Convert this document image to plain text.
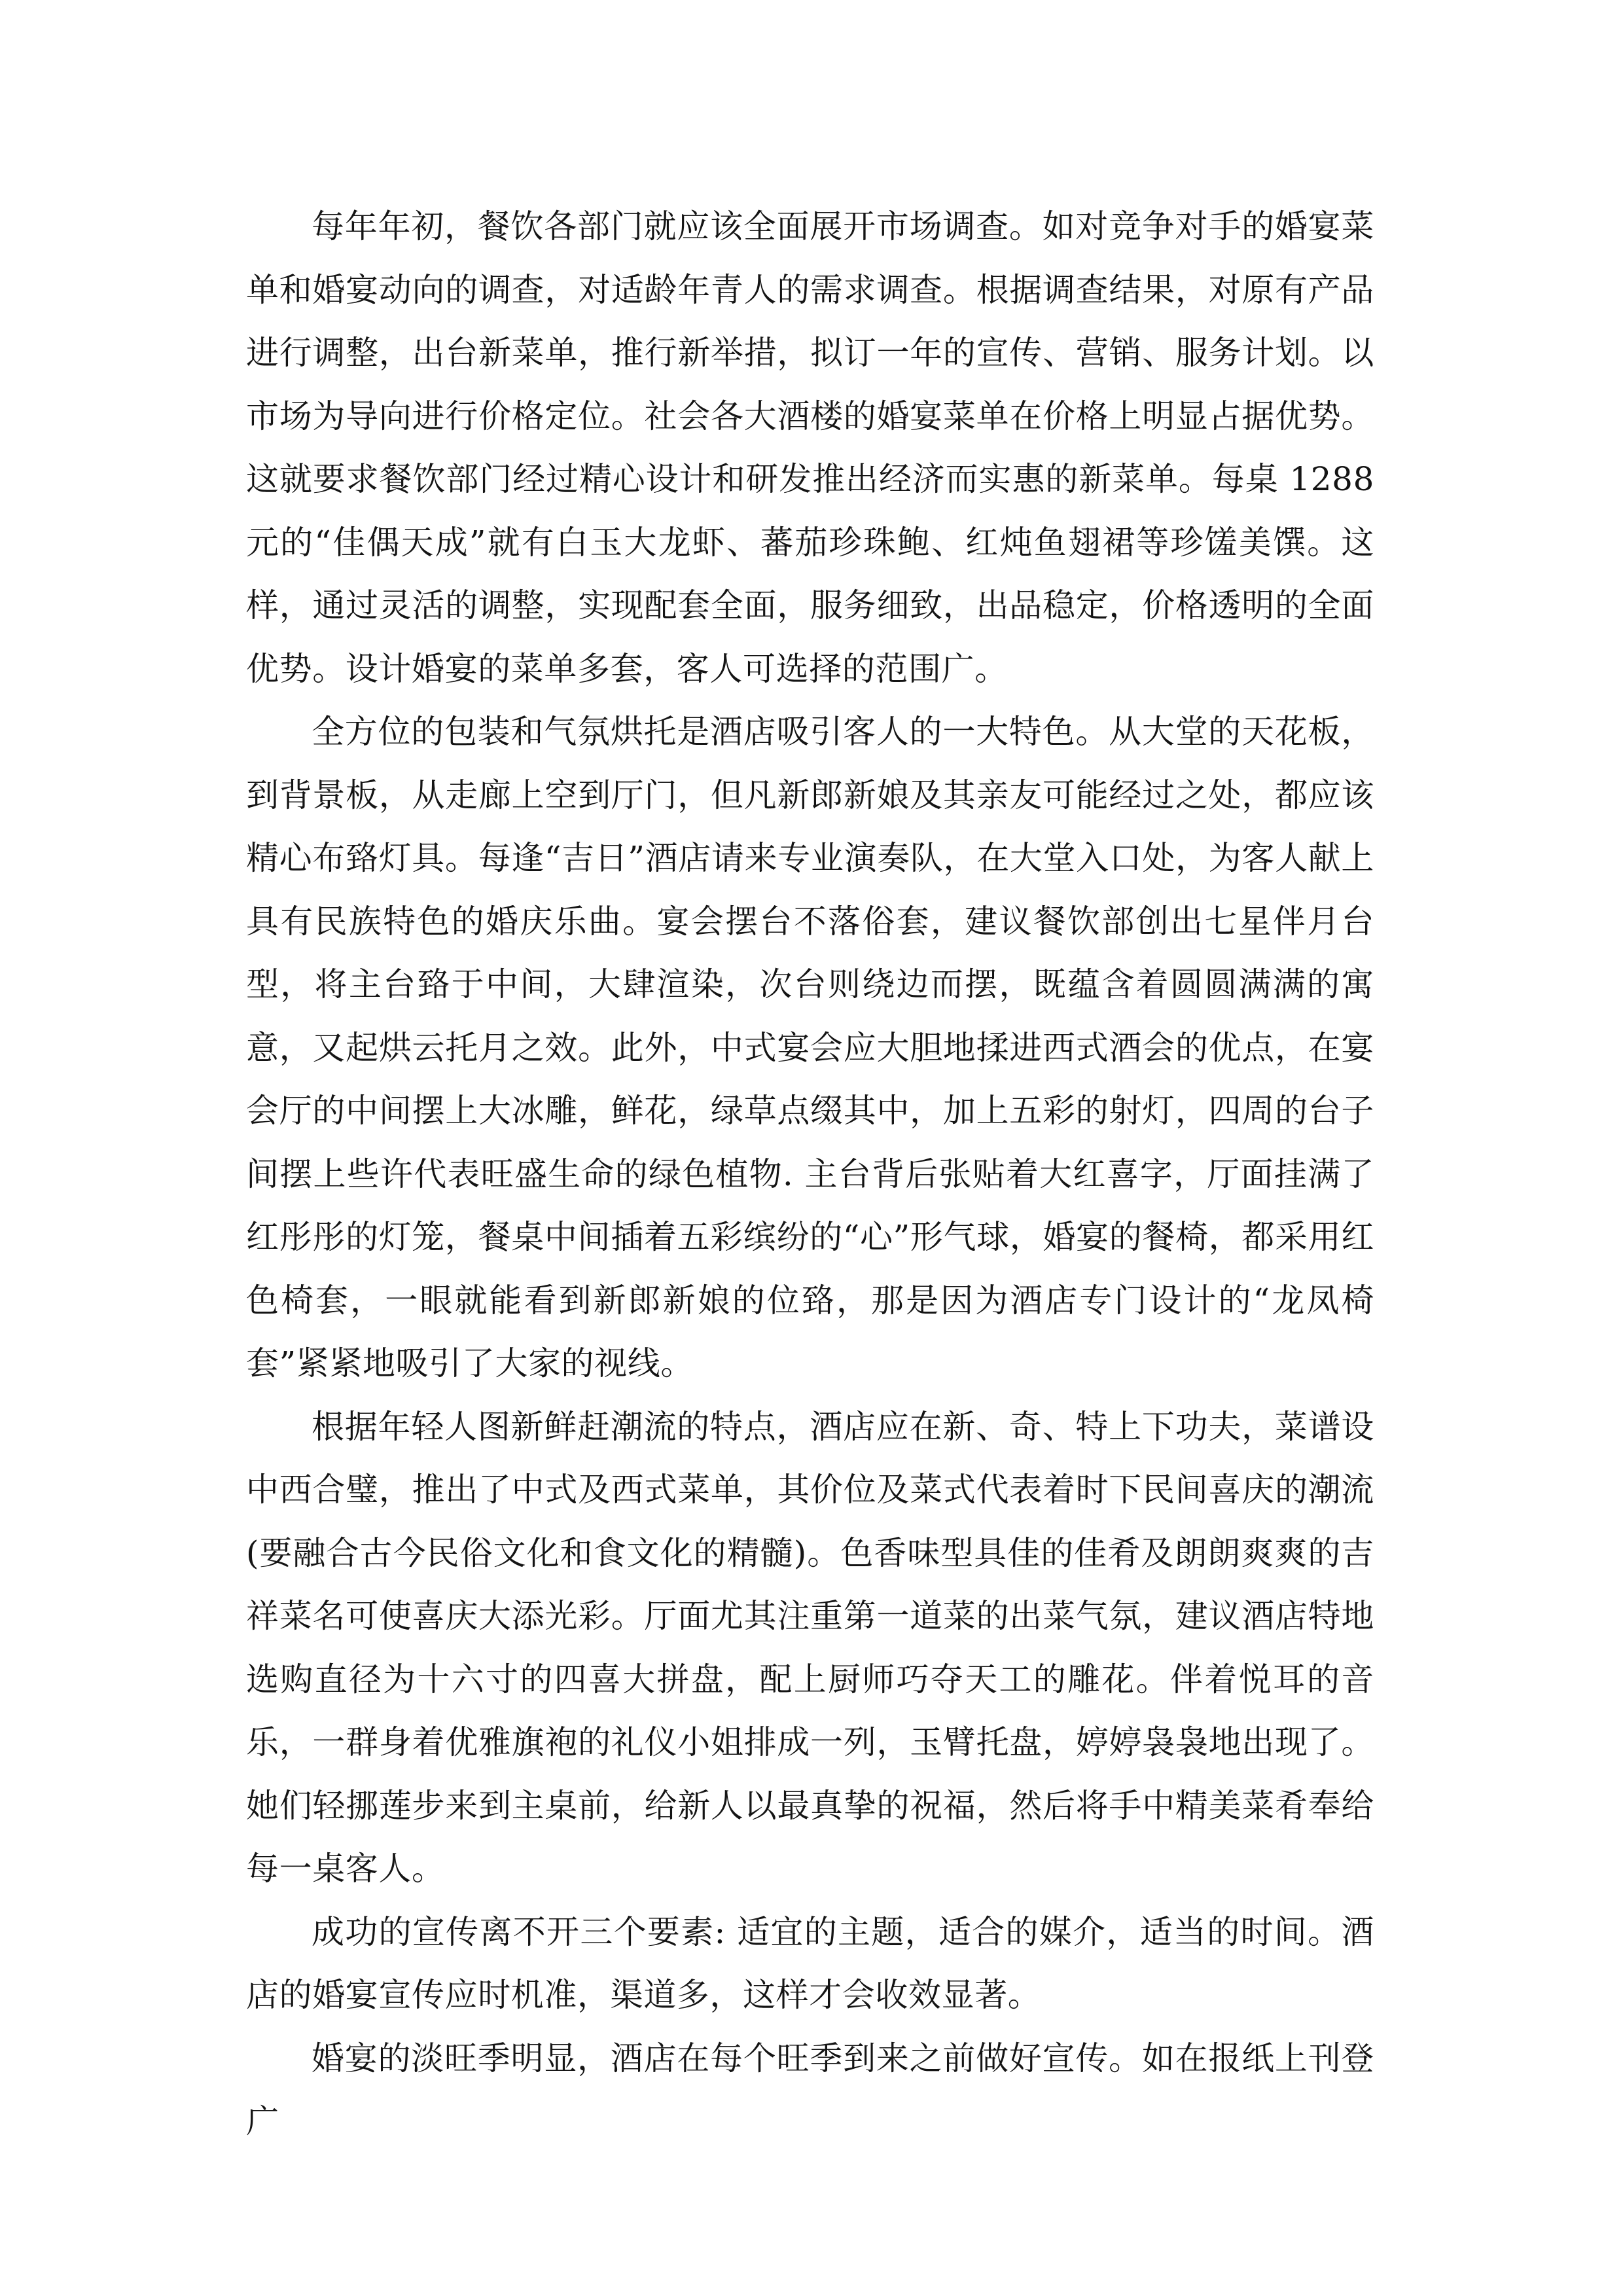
每年年初，餐饮各部门就应该全面展开市场调查。如对竞争对手的婚宴菜单和婚宴动向的调查，对适龄年青人的需求调查。根据调查结果，对原有产品进行调整，出台新菜单，推行新举措，拟订一年的宣传、营销、服务计划。以市场为导向进行价格定位。社会各大酒楼的婚宴菜单在价格上明显占据优势。这就要求餐饮部门经过精心设计和研发推出经济而实惠的新菜单。每桌 1288 元的“佳偶天成”就有白玉大龙虾、蕃茄珍珠鲍、红炖鱼翅裙等珍馐美馔。这样，通过灵活的调整，实现配套全面，服务细致，出品稳定，价格透明的全面优势。设计婚宴的菜单多套，客人可选择的范围广。

全方位的包装和气氛烘托是酒店吸引客人的一大特色。从大堂的天花板，到背景板，从走廊上空到厅门，但凡新郎新娘及其亲友可能经过之处，都应该精心布臵灯具。每逢“吉日”酒店请来专业演奏队，在大堂入口处，为客人献上具有民族特色的婚庆乐曲。宴会摆台不落俗套，建议餐饮部创出七星伴月台型，将主台臵于中间，大肆渲染，次台则绕边而摆，既蕴含着圆圆满满的寓意，又起烘云托月之效。此外，中式宴会应大胆地揉进西式酒会的优点，在宴会厅的中间摆上大冰雕，鲜花，绿草点缀其中，加上五彩的射灯，四周的台子间摆上些许代表旺盛生命的绿色植物. 主台背后张贴着大红喜字，厅面挂满了红彤彤的灯笼，餐桌中间插着五彩缤纷的“心”形气球，婚宴的餐椅，都采用红色椅套，一眼就能看到新郎新娘的位臵，那是因为酒店专门设计的“龙凤椅套”紧紧地吸引了大家的视线。

根据年轻人图新鲜赶潮流的特点，酒店应在新、奇、特上下功夫，菜谱设中西合璧，推出了中式及西式菜单，其价位及菜式代表着时下民间喜庆的潮流(要融合古今民俗文化和食文化的精髓)。色香味型具佳的佳肴及朗朗爽爽的吉祥菜名可使喜庆大添光彩。厅面尤其注重第一道菜的出菜气氛，建议酒店特地选购直径为十六寸的四喜大拼盘，配上厨师巧夺天工的雕花。伴着悦耳的音乐，一群身着优雅旗袍的礼仪小姐排成一列，玉臂托盘，婷婷袅袅地出现了。她们轻挪莲步来到主桌前，给新人以最真挚的祝福，然后将手中精美菜肴奉给每一桌客人。

成功的宣传离不开三个要素: 适宜的主题，适合的媒介，适当的时间。酒店的婚宴宣传应时机准，渠道多，这样才会收效显著。

婚宴的淡旺季明显，酒店在每个旺季到来之前做好宣传。如在报纸上刊登广
